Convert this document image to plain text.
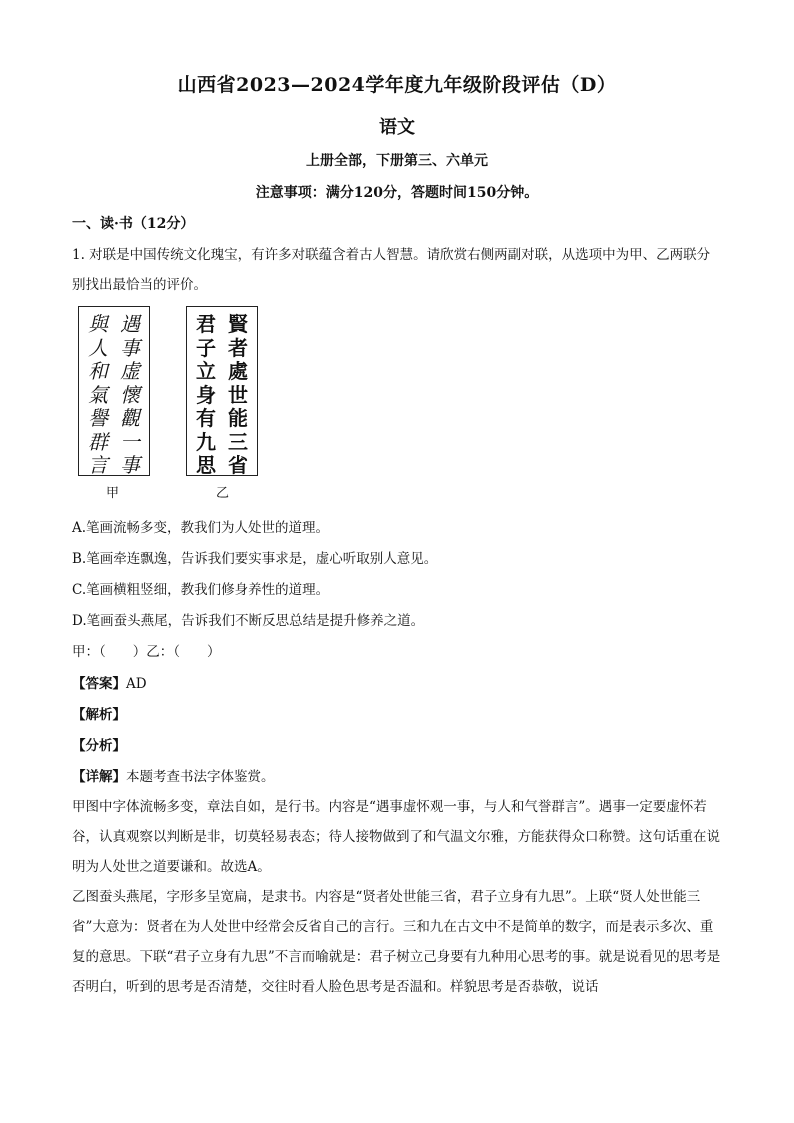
山西省2023—2024学年度九年级阶段评估（D）
语文
上册全部，下册第三、六单元
注意事项：满分120分，答题时间150分钟。
一、读·书（12分）
1. 对联是中国传统文化瑰宝，有许多对联蕴含着古人智慧。请欣赏右侧两副对联，从选项中为甲、乙两联分别找出最恰当的评价。
與
人
和
氣
譽
群
言
遇
事
虚
懷
觀
一
事
甲
君
子
立
身
有
九
思
賢
者
處
世
能
三
省
乙
A.笔画流畅多变，教我们为人处世的道理。
B.笔画牵连飘逸，告诉我们要实事求是，虚心听取别人意见。
C.笔画横粗竖细，教我们修身养性的道理。
D.笔画蚕头燕尾，告诉我们不断反思总结是提升修养之道。
甲：（　　）乙：（　　）
【答案】AD
【解析】
【分析】
【详解】本题考查书法字体鉴赏。
甲图中字体流畅多变，章法自如，是行书。内容是“遇事虚怀观一事，与人和气誉群言”。遇事一定要虚怀若谷，认真观察以判断是非，切莫轻易表态；待人接物做到了和气温文尔雅，方能获得众口称赞。这句话重在说明为人处世之道要谦和。故选A。
乙图蚕头燕尾，字形多呈宽扁，是隶书。内容是“贤者处世能三省，君子立身有九思”。上联“贤人处世能三省”大意为：贤者在为人处世中经常会反省自己的言行。三和九在古文中不是简单的数字，而是表示多次、重复的意思。下联“君子立身有九思”不言而喻就是：君子树立己身要有九种用心思考的事。就是说看见的思考是否明白，听到的思考是否清楚，交往时看人脸色思考是否温和。样貌思考是否恭敬，说话
